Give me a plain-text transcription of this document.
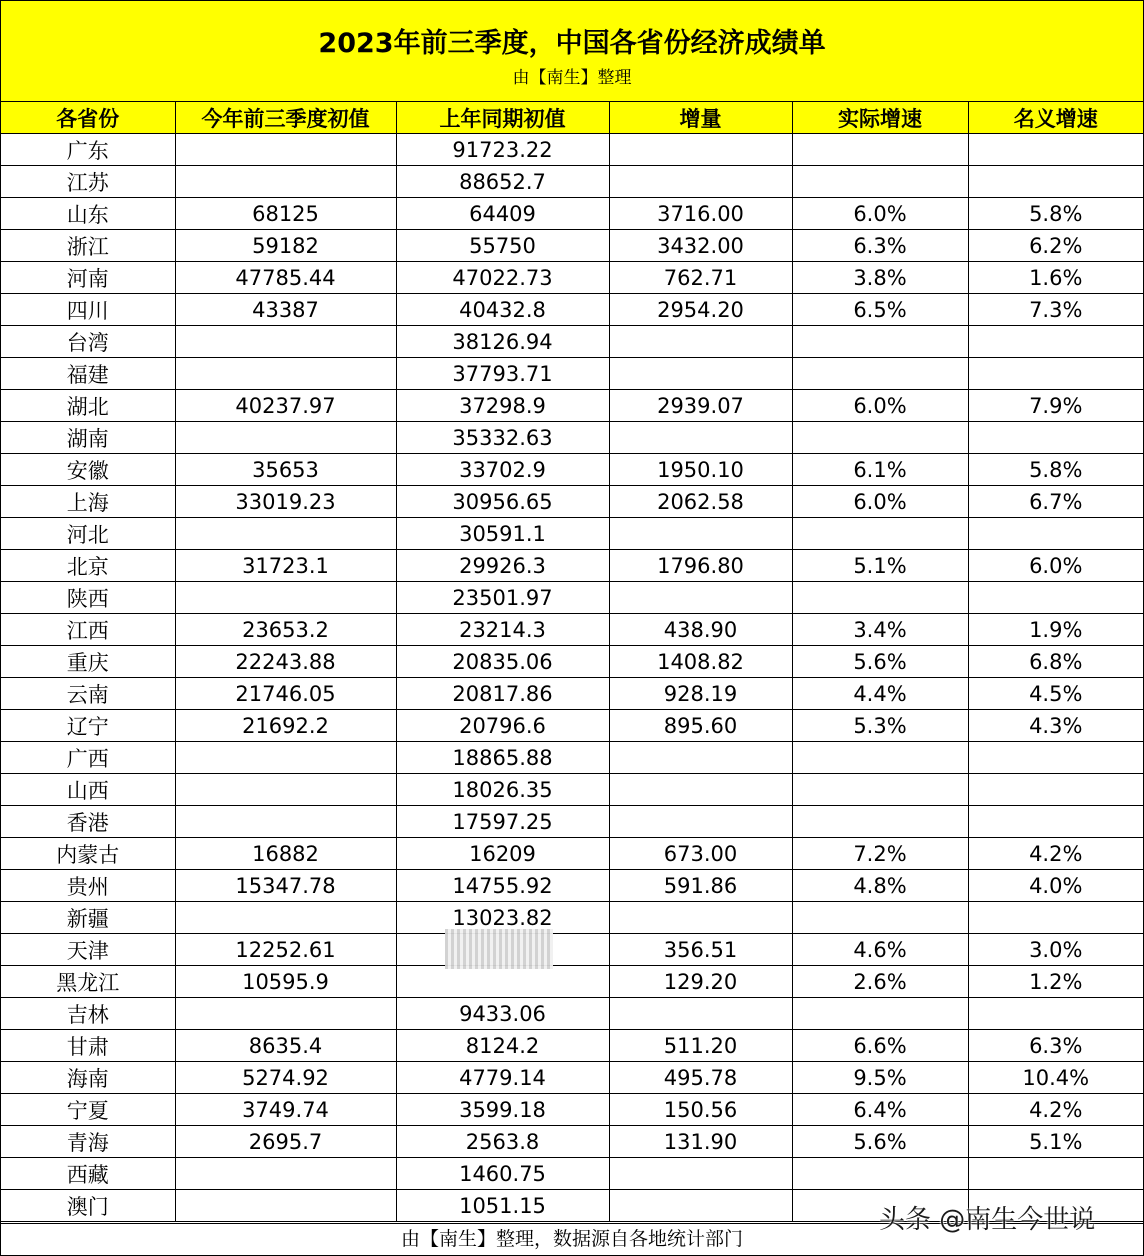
2023年前三季度，中国各省份经济成绩单
由【南生】整理
各省份	今年前三季度初值	上年同期初值	增量	实际增速	名义增速
广东		91723.22			
江苏		88652.7			
山东	68125	64409	3716.00	6.0%	5.8%
浙江	59182	55750	3432.00	6.3%	6.2%
河南	47785.44	47022.73	762.71	3.8%	1.6%
四川	43387	40432.8	2954.20	6.5%	7.3%
台湾		38126.94			
福建		37793.71			
湖北	40237.97	37298.9	2939.07	6.0%	7.9%
湖南		35332.63			
安徽	35653	33702.9	1950.10	6.1%	5.8%
上海	33019.23	30956.65	2062.58	6.0%	6.7%
河北		30591.1			
北京	31723.1	29926.3	1796.80	5.1%	6.0%
陕西		23501.97			
江西	23653.2	23214.3	438.90	3.4%	1.9%
重庆	22243.88	20835.06	1408.82	5.6%	6.8%
云南	21746.05	20817.86	928.19	4.4%	4.5%
辽宁	21692.2	20796.6	895.60	5.3%	4.3%
广西		18865.88			
山西		18026.35			
香港		17597.25			
内蒙古	16882	16209	673.00	7.2%	4.2%
贵州	15347.78	14755.92	591.86	4.8%	4.0%
新疆		13023.82			
天津	12252.61		356.51	4.6%	3.0%
黑龙江	10595.9		129.20	2.6%	1.2%
吉林		9433.06			
甘肃	8635.4	8124.2	511.20	6.6%	6.3%
海南	5274.92	4779.14	495.78	9.5%	10.4%
宁夏	3749.74	3599.18	150.56	6.4%	4.2%
青海	2695.7	2563.8	131.90	5.6%	5.1%
西藏		1460.75			
澳门		1051.15			
由【南生】整理，数据源自各地统计部门
头条 @南生今世说
